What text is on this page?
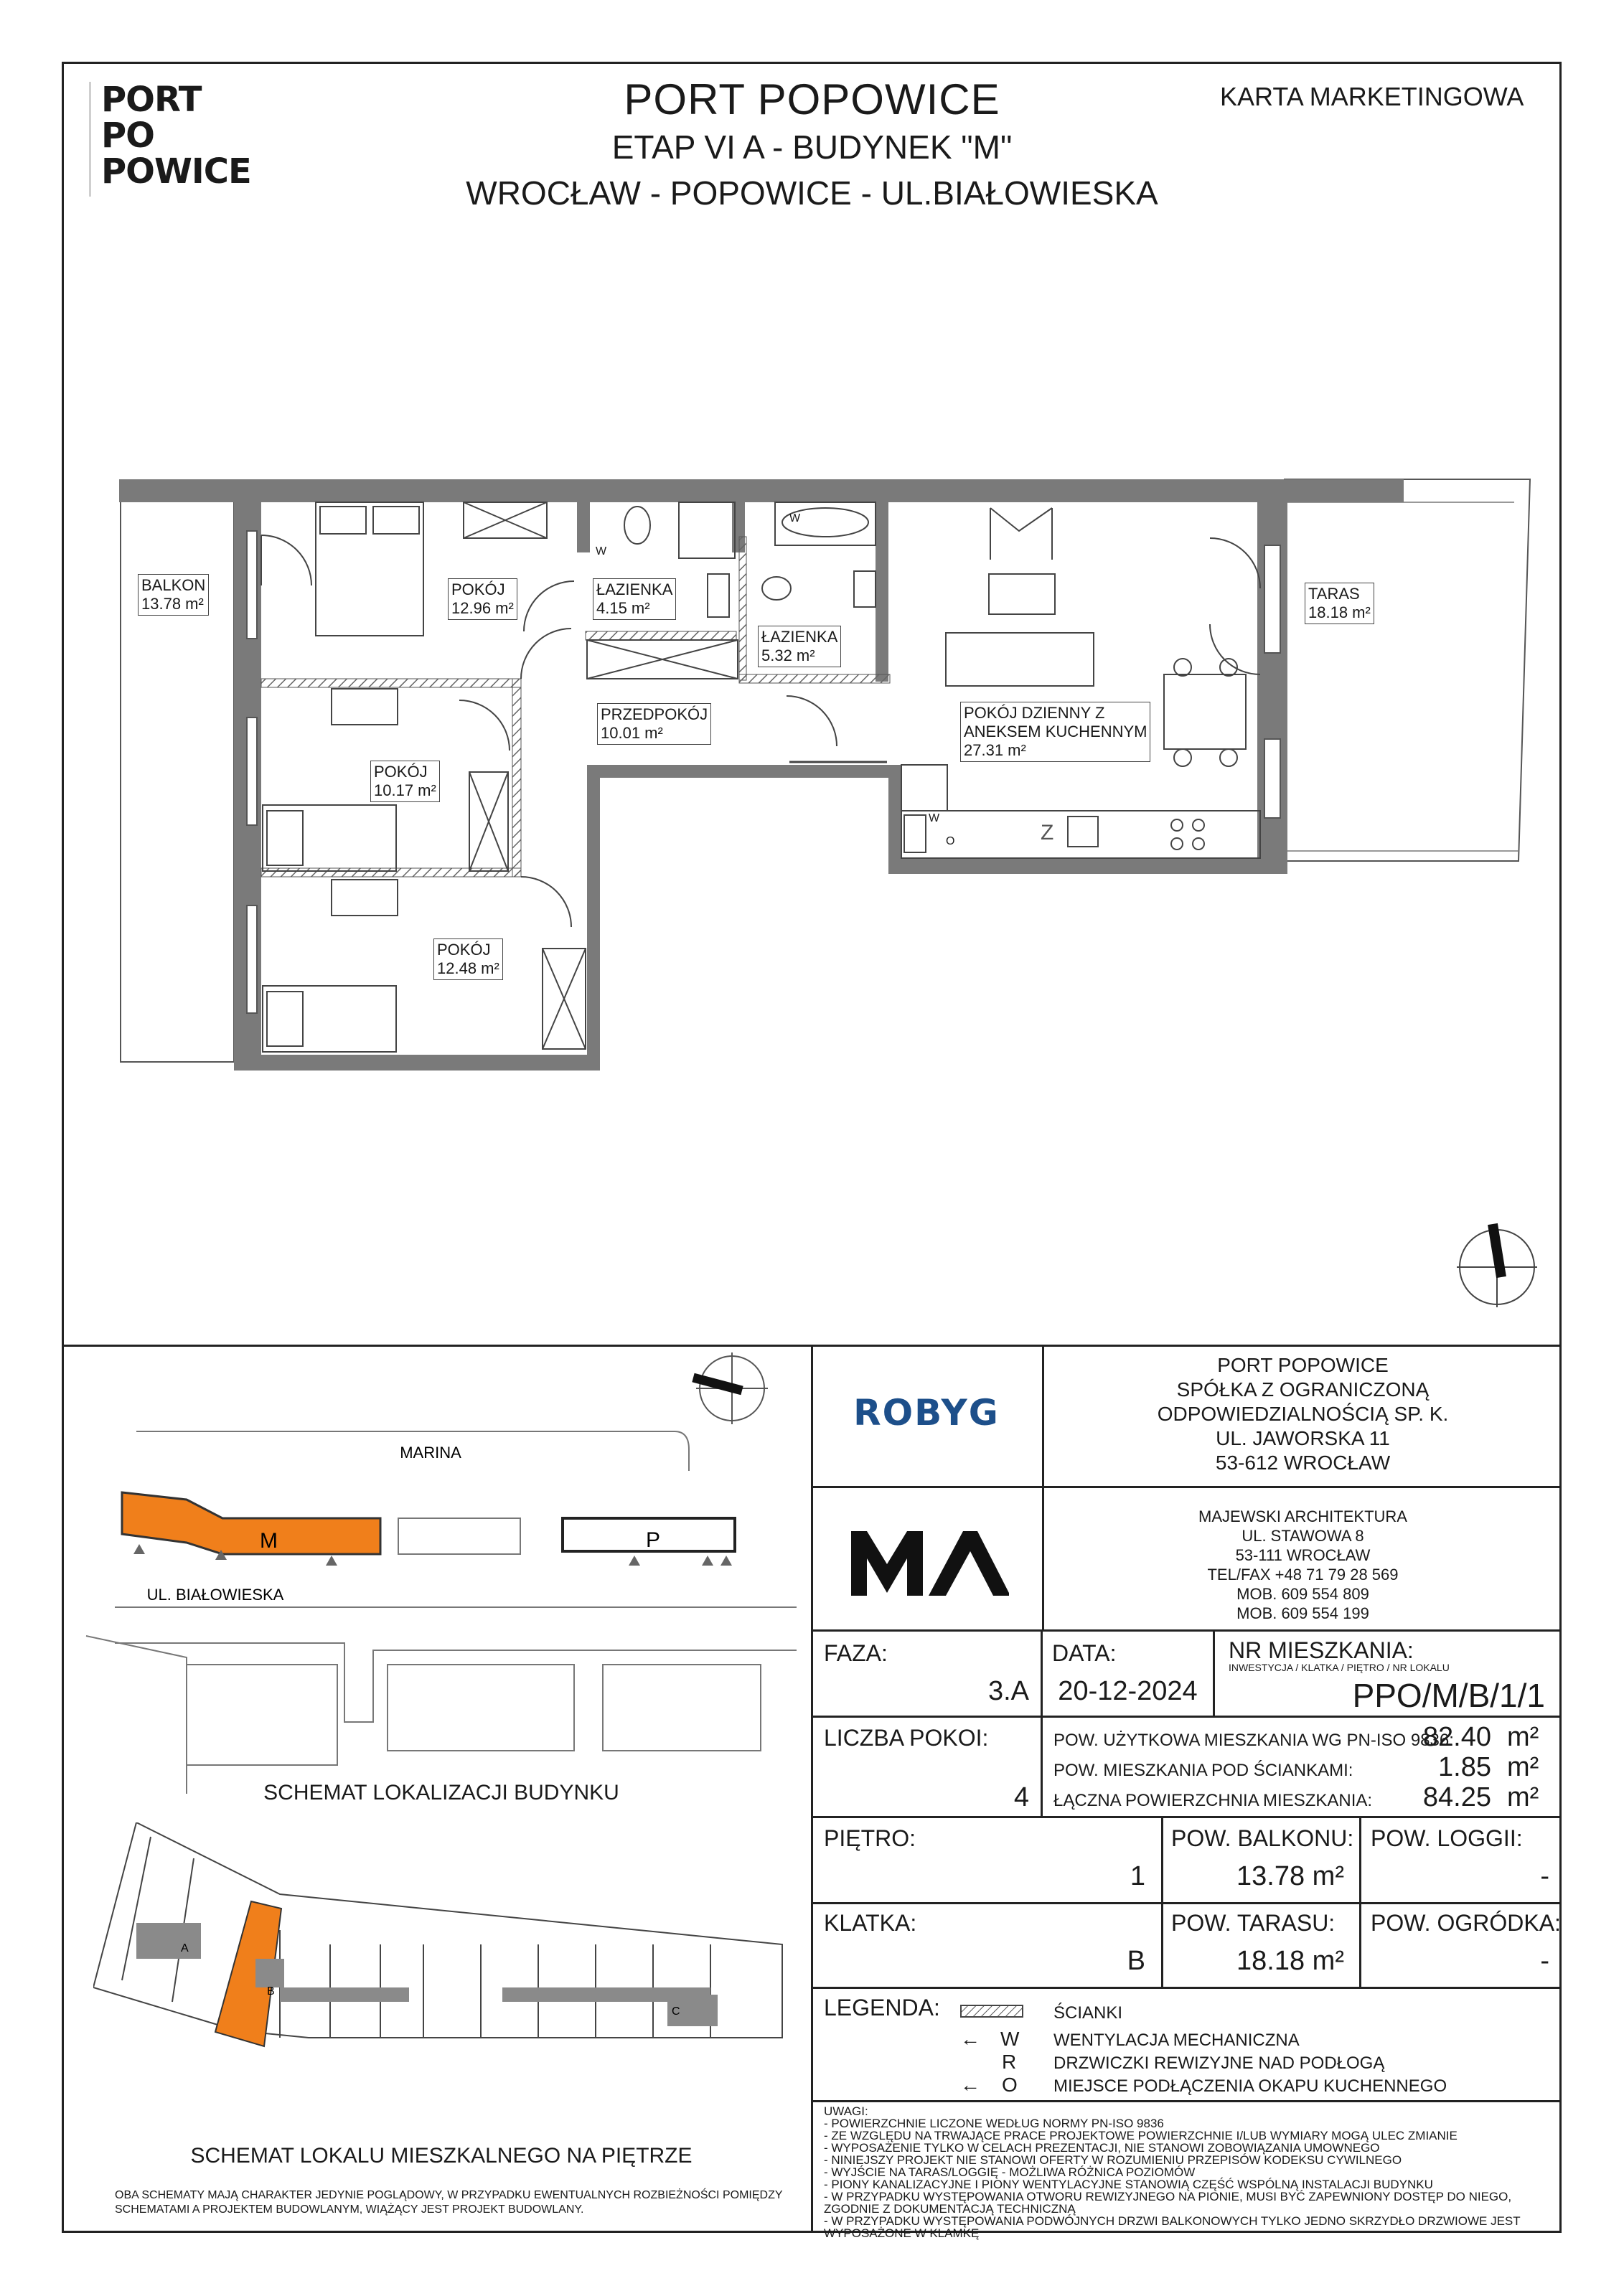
PORT
PO
POWICE
PORT POPOWICE
ETAP VI A - BUDYNEK "M"
WROCŁAW - POPOWICE - UL.BIAŁOWIESKA
KARTA MARKETINGOWA
BALKON
13.78 m²
POKÓJ
12.96 m²
ŁAZIENKA
4.15 m²
ŁAZIENKA
5.32 m²
PRZEDPOKÓJ
10.01 m²
POKÓJ
10.17 m²
POKÓJ
12.48 m²
POKÓJ DZIENNY Z
ANEKSEM KUCHENNYM
27.31 m²
TARAS
18.18 m²
W
W
W
O	Z
MARINA
UL. BIAŁOWIESKA
M	P
SCHEMAT LOKALIZACJI BUDYNKU
A
B
C
SCHEMAT LOKALU MIESZKALNEGO NA PIĘTRZE
OBA SCHEMATY MAJĄ CHARAKTER JEDYNIE POGLĄDOWY, W PRZYPADKU EWENTUALNYCH ROZBIEŻNOŚCI POMIĘDZY
SCHEMATAMI A PROJEKTEM BUDOWLANYM, WIĄŻĄCY JEST PROJEKT BUDOWLANY.
ROBYG
PORT POPOWICE
SPÓŁKA Z OGRANICZONĄ
ODPOWIEDZIALNOŚCIĄ SP. K.
UL. JAWORSKA 11
53-612 WROCŁAW
MAJEWSKI ARCHITEKTURA
UL. STAWOWA 8
53-111 WROCŁAW
TEL/FAX +48 71 79 28 569
MOB. 609 554 809
MOB. 609 554 199
FAZA:
3.A
DATA:
20-12-2024
NR MIESZKANIA:
INWESTYCJA / KLATKA / PIĘTRO / NR LOKALU
PPO/M/B/1/1
LICZBA POKOI:
4
POW. UŻYTKOWA MIESZKANIA WG PN-ISO 9836:
82.40 m²
POW. MIESZKANIA POD ŚCIANKAMI:	1.85 m²
ŁĄCZNA POWIERZCHNIA MIESZKANIA:	84.25 m²
PIĘTRO:
1
POW. BALKONU:
13.78 m²
POW. LOGGII:
-
KLATKA:
B
POW. TARASU:
18.18 m²
POW. OGRÓDKA:
-
LEGENDA:	ŚCIANKI
← W WENTYLACJA MECHANICZNA
R DRZWICZKI REWIZYJNE NAD PODŁOGĄ
← O MIEJSCE PODŁĄCZENIA OKAPU KUCHENNEGO
UWAGI:
- POWIERZCHNIE LICZONE WEDŁUG NORMY PN-ISO 9836
- ZE WZGLĘDU NA TRWAJĄCE PRACE PROJEKTOWE POWIERZCHNIE I/LUB WYMIARY MOGĄ ULEC ZMIANIE
- WYPOSAŻENIE TYLKO W CELACH PREZENTACJI, NIE STANOWI ZOBOWIĄZANIA UMOWNEGO
- NINIEJSZY PROJEKT NIE STANOWI OFERTY W ROZUMIENIU PRZEPISÓW KODEKSU CYWILNEGO
- WYJŚCIE NA TARAS/LOGGIĘ - MOŻLIWA RÓŻNICA POZIOMÓW
- PIONY KANALIZACYJNE I PIONY WENTYLACYJNE STANOWIĄ CZĘŚĆ WSPÓLNĄ INSTALACJI BUDYNKU
- W PRZYPADKU WYSTĘPOWANIA OTWORU REWIZYJNEGO NA PIONIE, MUSI BYĆ ZAPEWNIONY DOSTĘP DO NIEGO,
ZGODNIE Z DOKUMENTACJĄ TECHNICZNĄ
- W PRZYPADKU WYSTĘPOWANIA PODWÓJNYCH DRZWI BALKONOWYCH TYLKO JEDNO SKRZYDŁO DRZWIOWE JEST
WYPOSAŻONE W KLAMKĘ
